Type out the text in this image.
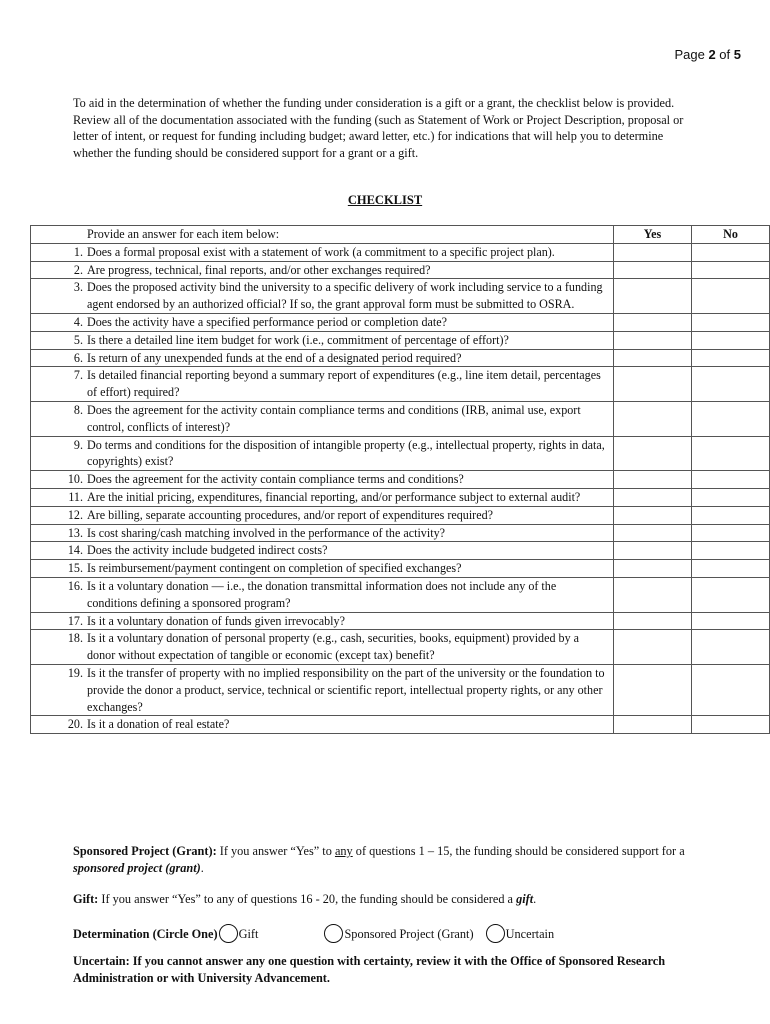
Page 2 of 5
To aid in the determination of whether the funding under consideration is a gift or a grant, the checklist below is provided. Review all of the documentation associated with the funding (such as Statement of Work or Project Description, proposal or letter of intent, or request for funding including budget; award letter, etc.) for indications that will help you to determine whether the funding should be considered support for a grant or a gift.
CHECKLIST
Provide an answer for each item below:	Yes	No

1. Does a formal proposal exist with a statement of work (a commitment to a specific project plan).		

2. Are progress, technical, final reports, and/or other exchanges required?		

3. Does the proposed activity bind the university to a specific delivery of work including service to a funding agent endorsed by an authorized official? If so, the grant approval form must be submitted to OSRA.		

4. Does the activity have a specified performance period or completion date?		

5. Is there a detailed line item budget for work (i.e., commitment of percentage of effort)?		

6. Is return of any unexpended funds at the end of a designated period required?		

7. Is detailed financial reporting beyond a summary report of expenditures (e.g., line item detail, percentages of effort) required?		

8. Does the agreement for the activity contain compliance terms and conditions (IRB, animal use, export control, conflicts of interest)?		

9. Do terms and conditions for the disposition of intangible property (e.g., intellectual property, rights in data, copyrights) exist?		

10. Does the agreement for the activity contain compliance terms and conditions?		

11. Are the initial pricing, expenditures, financial reporting, and/or performance subject to external audit?		

12. Are billing, separate accounting procedures, and/or report of expenditures required?		

13. Is cost sharing/cash matching involved in the performance of the activity?		

14. Does the activity include budgeted indirect costs?		

15. Is reimbursement/payment contingent on completion of specified exchanges?		

16. Is it a voluntary donation — i.e., the donation transmittal information does not include any of the conditions defining a sponsored program?		

17. Is it a voluntary donation of funds given irrevocably?		

18. Is it a voluntary donation of personal property (e.g., cash, securities, books, equipment) provided by a donor without expectation of tangible or economic (except tax) benefit?		

19. Is it the transfer of property with no implied responsibility on the part of the university or the foundation to provide the donor a product, service, technical or scientific report, intellectual property rights, or any other exchanges?		

20. Is it a donation of real estate?		

Sponsored Project (Grant): If you answer “Yes” to any of questions 1 – 15, the funding should be considered support for a sponsored project (grant).
Gift: If you answer “Yes” to any of questions 16 - 20, the funding should be considered a gift.
Determination (Circle One) Gift	Sponsored Project (Grant)	Uncertain
Uncertain: If you cannot answer any one question with certainty, review it with the Office of Sponsored Research Administration or with University Advancement.
